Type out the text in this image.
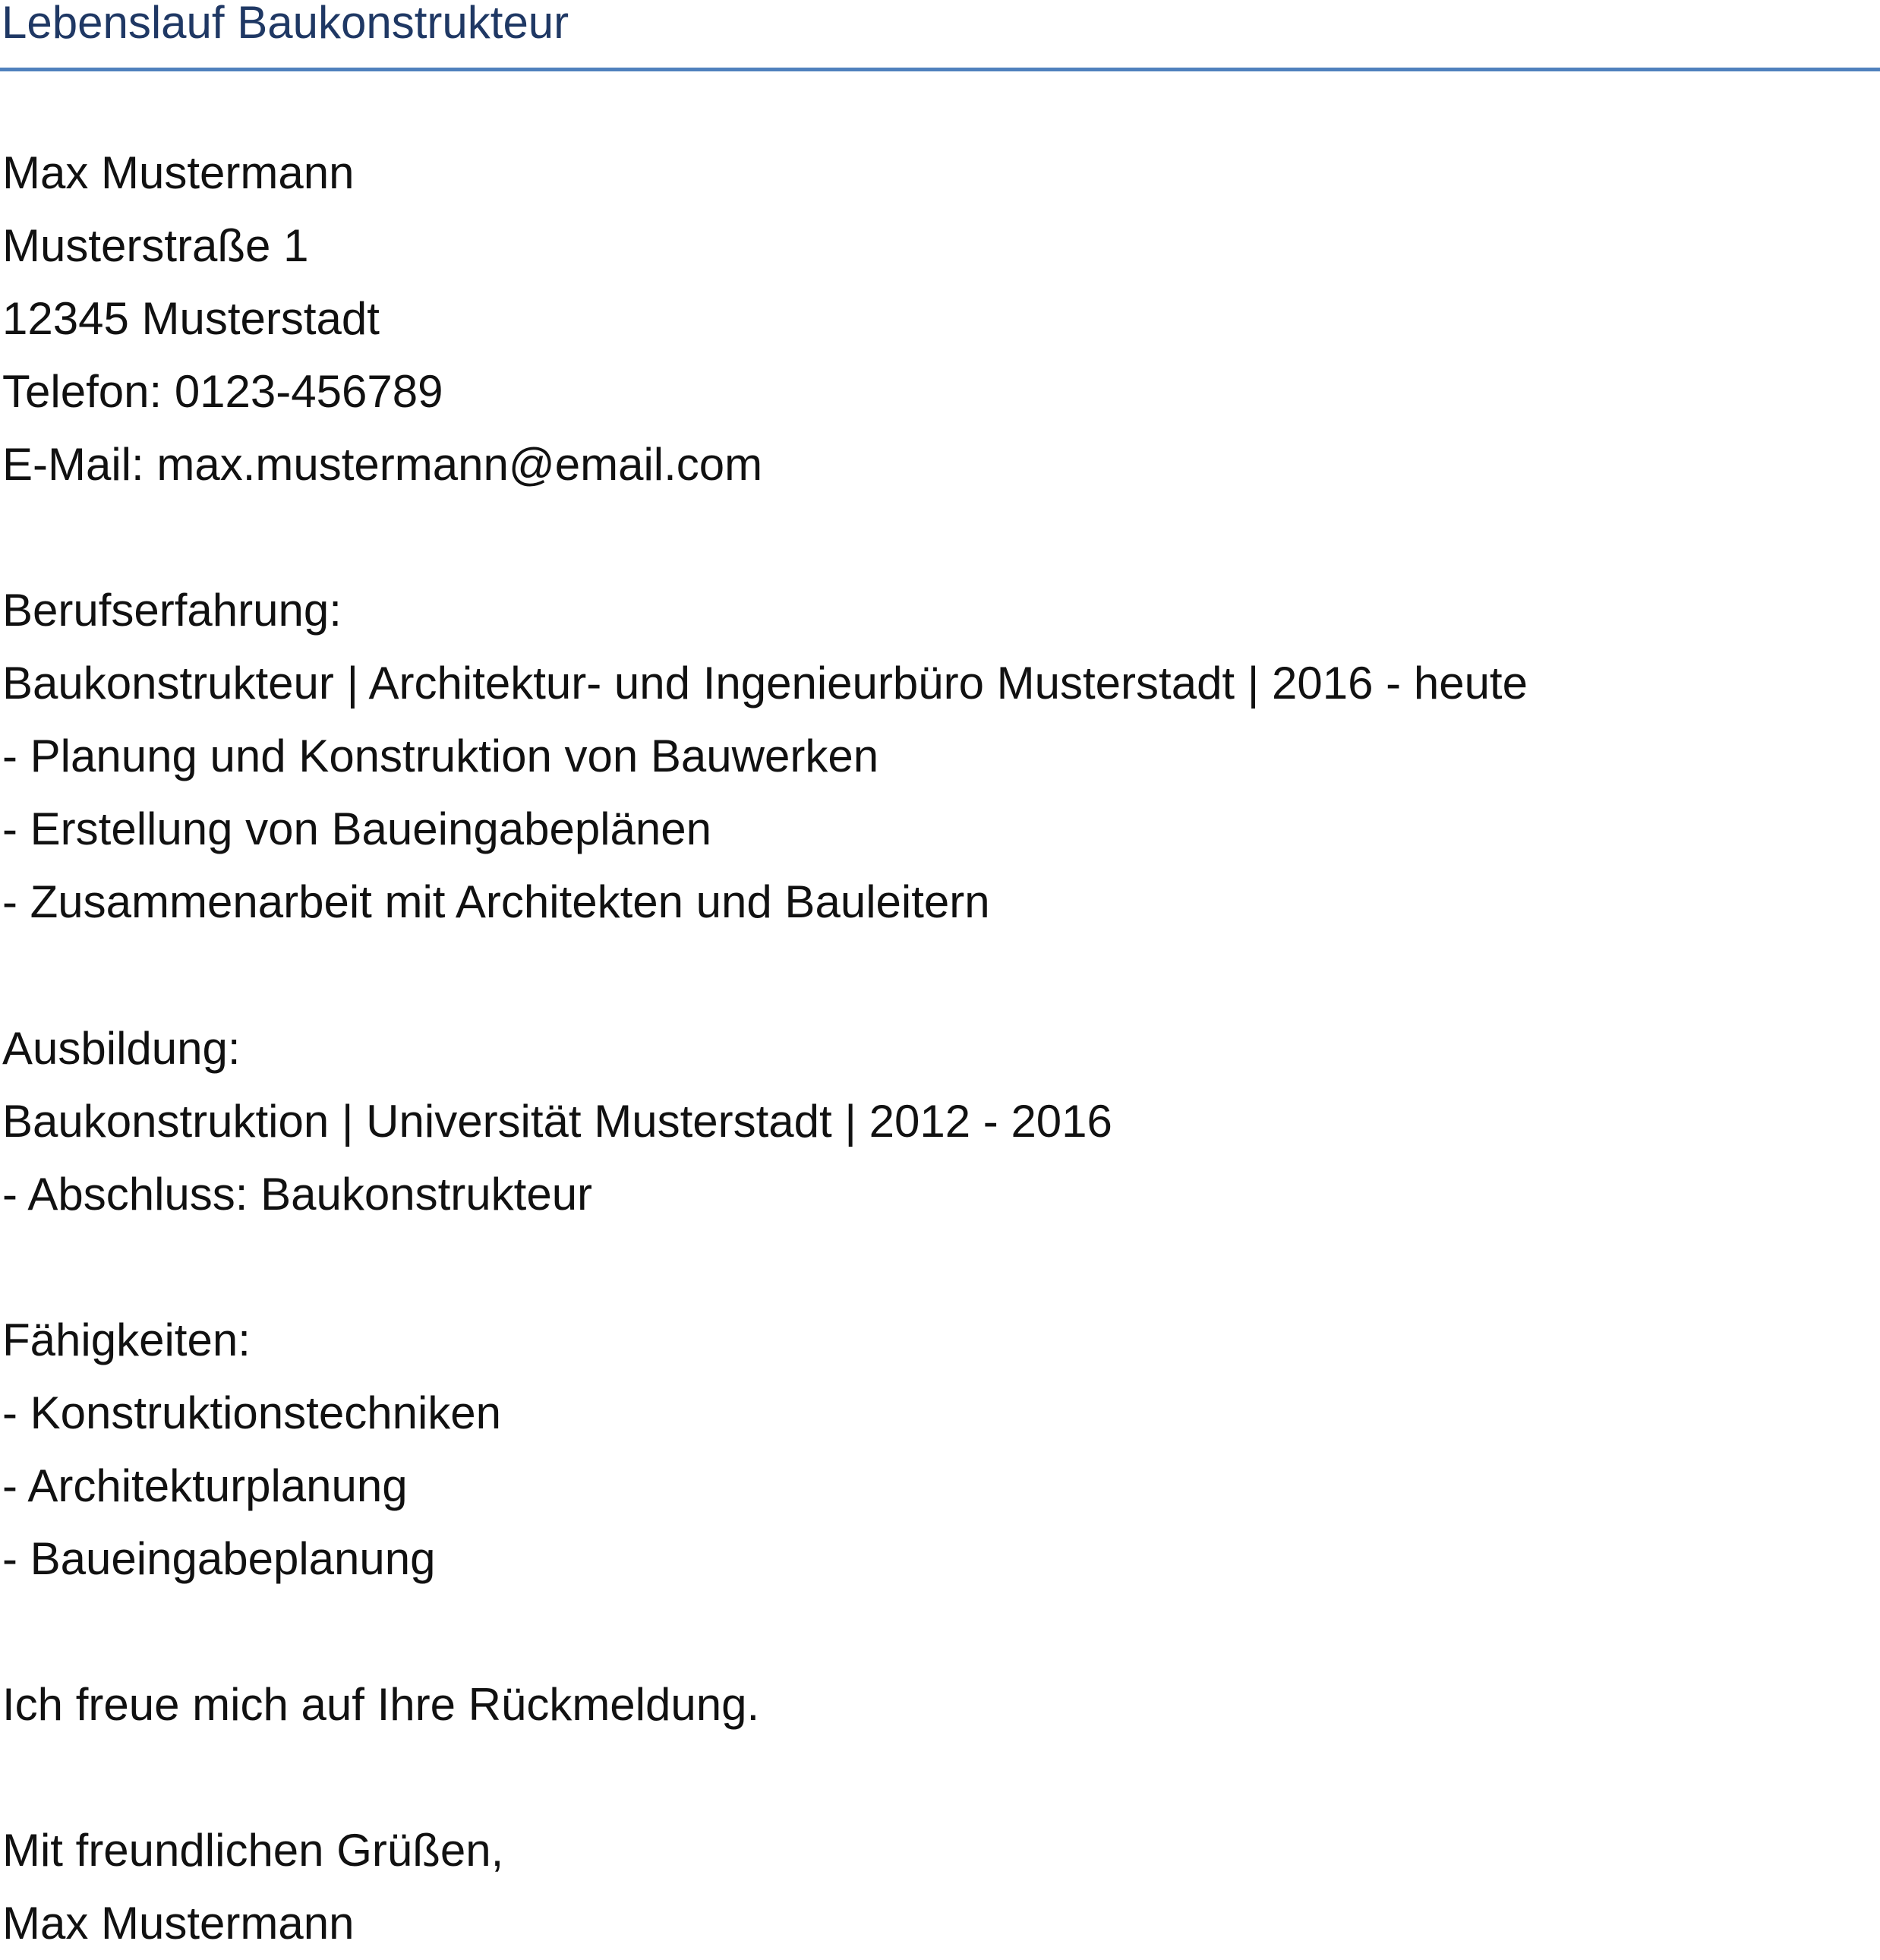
Lebenslauf Baukonstrukteur
Max Mustermann
Musterstraße 1
12345 Musterstadt
Telefon: 0123-456789
E-Mail: max.mustermann@email.com
Berufserfahrung:
Baukonstrukteur | Architektur- und Ingenieurbüro Musterstadt | 2016 - heute
- Planung und Konstruktion von Bauwerken
- Erstellung von Baueingabeplänen
- Zusammenarbeit mit Architekten und Bauleitern
Ausbildung:
Baukonstruktion | Universität Musterstadt | 2012 - 2016
- Abschluss: Baukonstrukteur
Fähigkeiten:
- Konstruktionstechniken
- Architekturplanung
- Baueingabeplanung
Ich freue mich auf Ihre Rückmeldung.
Mit freundlichen Grüßen,
Max Mustermann
